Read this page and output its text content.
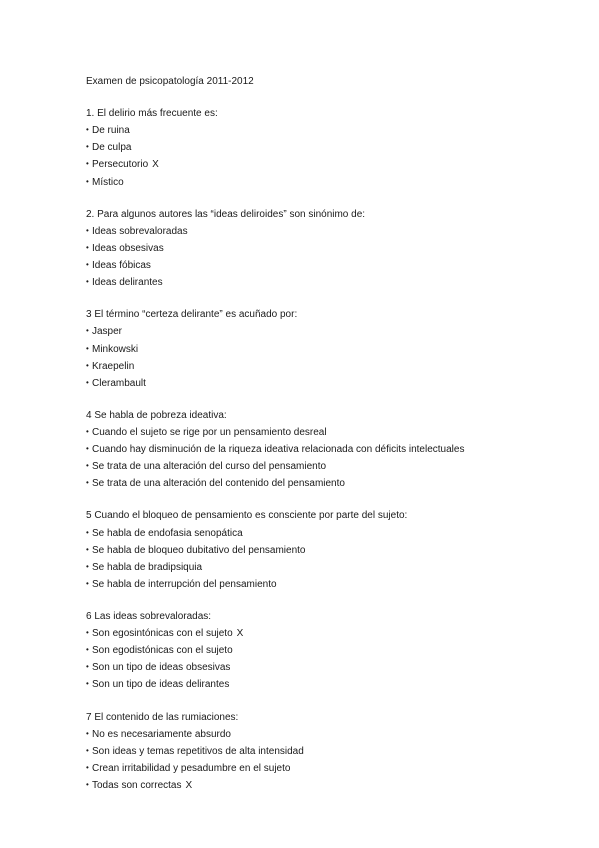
Examen de psicopatología 2011-2012
1. El delirio más frecuente es:
• De ruina
• De culpa
• Persecutorio X
• Místico
2. Para algunos autores las “ideas deliroides” son sinónimo de:
• Ideas sobrevaloradas
• Ideas obsesivas
• Ideas fóbicas
• Ideas delirantes
3 El término “certeza delirante” es acuñado por:
• Jasper
• Minkowski
• Kraepelin
• Clerambault
4 Se habla de pobreza ideativa:
• Cuando el sujeto se rige por un pensamiento desreal
• Cuando hay disminución de la riqueza ideativa relacionada con déficits intelectuales
• Se trata de una alteración del curso del pensamiento
• Se trata de una alteración del contenido del pensamiento
5 Cuando el bloqueo de pensamiento es consciente por parte del sujeto:
• Se habla de endofasia senopática
• Se habla de bloqueo dubitativo del pensamiento
• Se habla de bradipsiquia
• Se habla de interrupción del pensamiento
6 Las ideas sobrevaloradas:
• Son egosintónicas con el sujeto X
• Son egodistónicas con el sujeto
• Son un tipo de ideas obsesivas
• Son un tipo de ideas delirantes
7 El contenido de las rumiaciones:
• No es necesariamente absurdo
• Son ideas y temas repetitivos de alta intensidad
• Crean irritabilidad y pesadumbre en el sujeto
• Todas son correctas X
